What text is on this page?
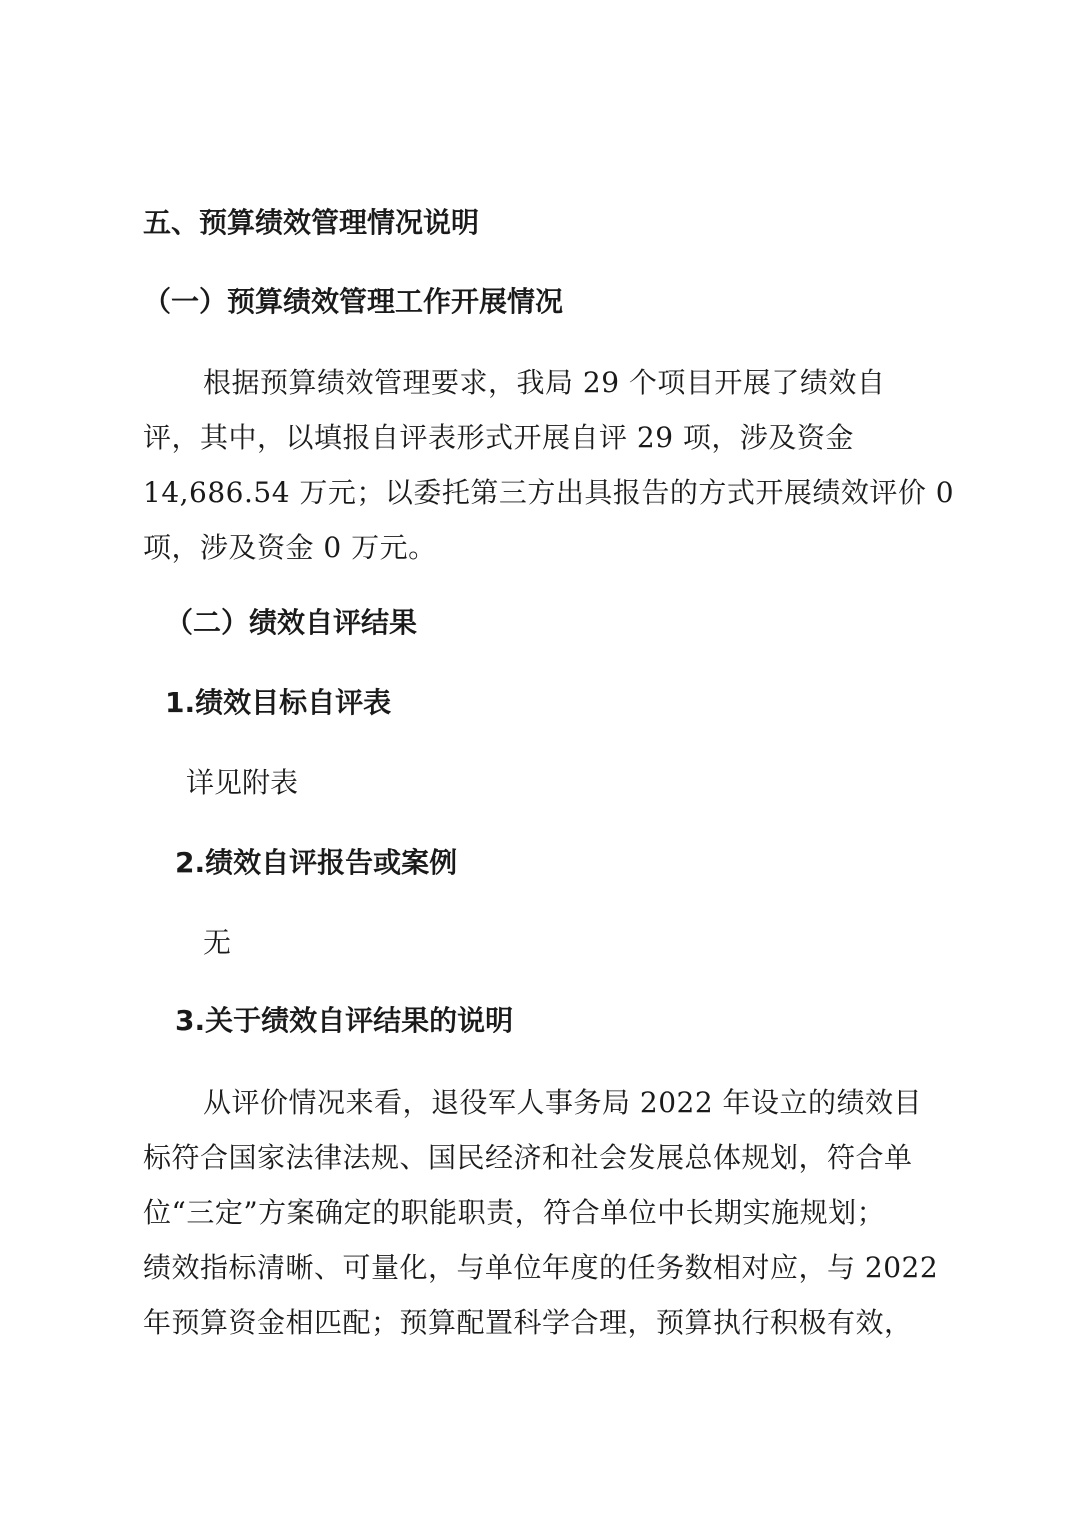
五、预算绩效管理情况说明
（一）预算绩效管理工作开展情况
根据预算绩效管理要求，我局 29 个项目开展了绩效自
评，其中，以填报自评表形式开展自评 29 项，涉及资金
14,686.54 万元；以委托第三方出具报告的方式开展绩效评价 0
项，涉及资金 0 万元。
（二）绩效自评结果
1.绩效目标自评表

详见附表

2.绩效自评报告或案例

无

3.关于绩效自评结果的说明
从评价情况来看，退役军人事务局 2022 年设立的绩效目
标符合国家法律法规、国民经济和社会发展总体规划，符合单
位“三定”方案确定的职能职责，符合单位中长期实施规划；
绩效指标清晰、可量化，与单位年度的任务数相对应，与 2022
年预算资金相匹配；预算配置科学合理，预算执行积极有效，
